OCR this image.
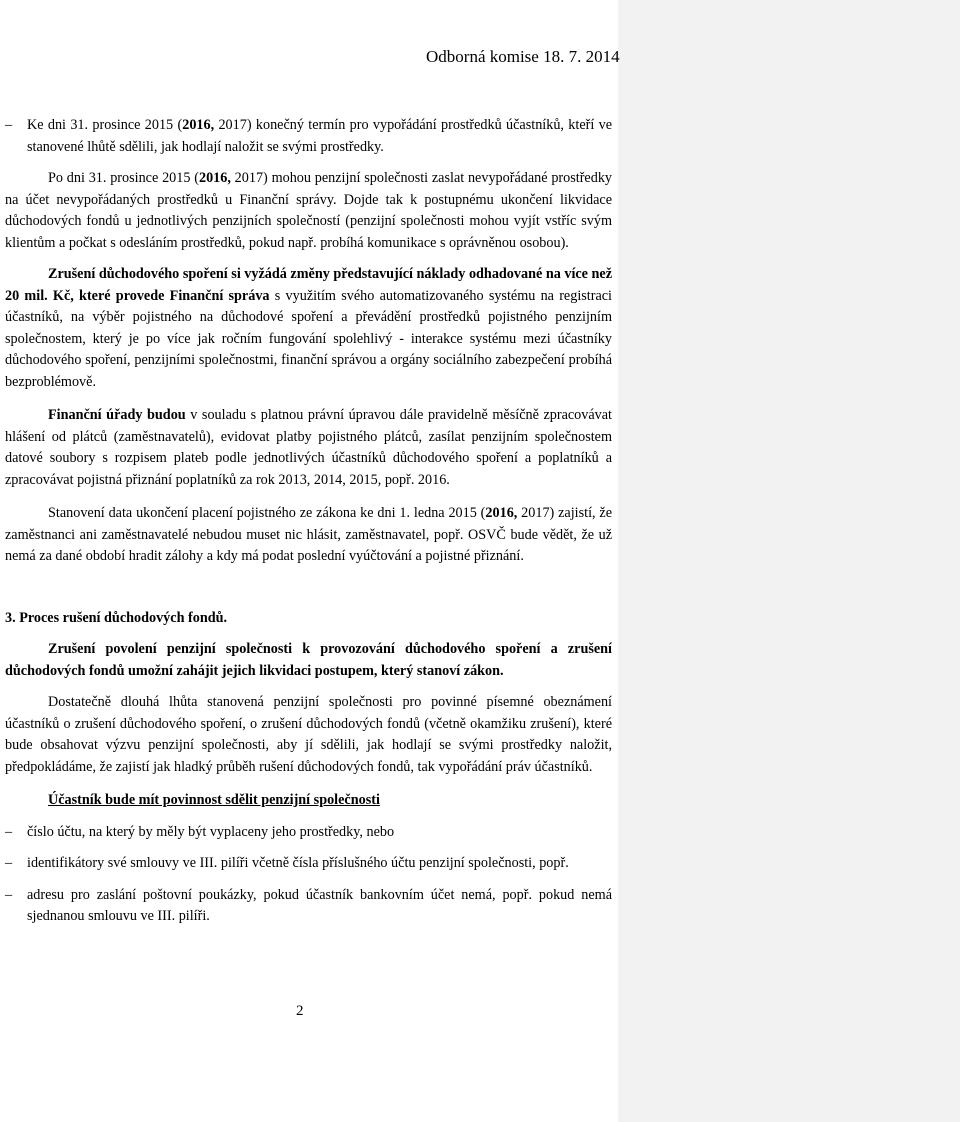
Odborná komise 18. 7. 2014
–	Ke dni 31. prosince 2015 (2016, 2017) konečný termín pro vypořádání prostředků účastníků, kteří ve stanovené lhůtě sdělili, jak hodlají naložit se svými prostředky.

Po dni 31. prosince 2015 (2016, 2017) mohou penzijní společnosti zaslat nevypořádané prostředky na účet nevypořádaných prostředků u Finanční správy. Dojde tak k postupnému ukončení likvidace důchodových fondů u jednotlivých penzijních společností (penzijní společnosti mohou vyjít vstříc svým klientům a počkat s odesláním prostředků, pokud např. probíhá komunikace s oprávněnou osobou).

Zrušení důchodového spoření si vyžádá změny představující náklady odhadované na více než 20 mil. Kč, které provede Finanční správa s využitím svého automatizovaného systému na registraci účastníků, na výběr pojistného na důchodové spoření a převádění prostředků pojistného penzijním společnostem, který je po více jak ročním fungování spolehlivý - interakce systému mezi účastníky důchodového spoření, penzijními společnostmi, finanční správou a orgány sociálního zabezpečení probíhá bezproblémově.

Finanční úřady budou v souladu s platnou právní úpravou dále pravidelně měsíčně zpracovávat hlášení od plátců (zaměstnavatelů), evidovat platby pojistného plátců, zasílat penzijním společnostem datové soubory s rozpisem plateb podle jednotlivých účastníků důchodového spoření a poplatníků a zpracovávat pojistná přiznání poplatníků za rok 2013, 2014, 2015, popř. 2016.

Stanovení data ukončení placení pojistného ze zákona ke dni 1. ledna 2015 (2016, 2017) zajistí, že zaměstnanci ani zaměstnavatelé nebudou muset nic hlásit, zaměstnavatel, popř. OSVČ bude vědět, že už nemá za dané období hradit zálohy a kdy má podat poslední vyúčtování a pojistné přiznání.

3. Proces rušení důchodových fondů.

Zrušení povolení penzijní společnosti k provozování důchodového spoření a zrušení důchodových fondů umožní zahájit jejich likvidaci postupem, který stanoví zákon.

Dostatečně dlouhá lhůta stanovená penzijní společnosti pro povinné písemné obeznámení účastníků o zrušení důchodového spoření, o zrušení důchodových fondů (včetně okamžiku zrušení), které bude obsahovat výzvu penzijní společnosti, aby jí sdělili, jak hodlají se svými prostředky naložit, předpokládáme, že zajistí jak hladký průběh rušení důchodových fondů, tak vypořádání práv účastníků.

Účastník bude mít povinnost sdělit penzijní společnosti

–	číslo účtu, na který by měly být vyplaceny jeho prostředky, nebo
–	identifikátory své smlouvy ve III. pilíři včetně čísla příslušného účtu penzijní společnosti, popř.
–	adresu pro zaslání poštovní poukázky, pokud účastník bankovním účet nemá, popř. pokud nemá sjednanou smlouvu ve III. pilíři.
2
